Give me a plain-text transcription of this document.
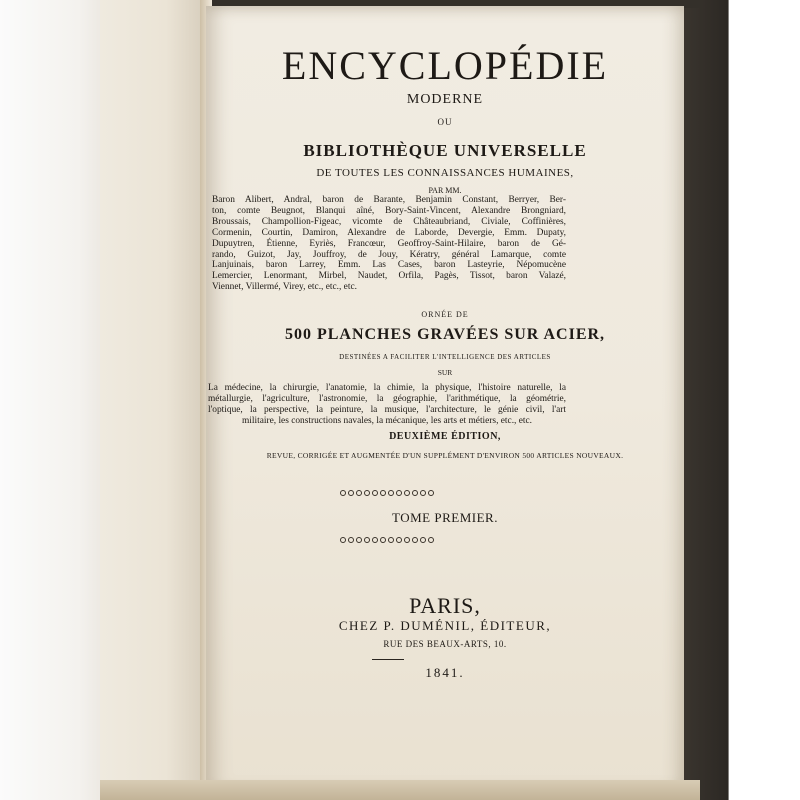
ENCYCLOPÉDIE
MODERNE
OU
BIBLIOTHÈQUE UNIVERSELLE
DE TOUTES LES CONNAISSANCES HUMAINES,
PAR MM.
Baron Alibert, Andral, baron de Barante, Benjamin Constant, Berryer, Ber-
ton, comte Beugnot, Blanqui aîné, Bory-Saint-Vincent, Alexandre Brongniard,
Broussais, Champollion-Figeac, vicomte de Châteaubriand, Civiale, Coffinières,
Cormenin, Courtin, Damiron, Alexandre de Laborde, Devergie, Emm. Dupaty,
Dupuytren, Étienne, Eyriès, Francœur, Geoffroy-Saint-Hilaire, baron de Gé-
rando, Guizot, Jay, Jouffroy, de Jouy, Kératry, général Lamarque, comte
Lanjuinais, baron Larrey, Emm. Las Cases, baron Lasteyrie, Népomucène
Lemercier, Lenormant, Mirbel, Naudet, Orfila, Pagès, Tissot, baron Valazé,
Viennet, Villermé, Virey, etc., etc., etc.
ORNÉE DE
500 PLANCHES GRAVÉES SUR ACIER,
DESTINÉES A FACILITER L'INTELLIGENCE DES ARTICLES
SUR
La médecine, la chirurgie, l'anatomie, la chimie, la physique, l'histoire naturelle, la
métallurgie, l'agriculture, l'astronomie, la géographie, l'arithmétique, la géométrie,
l'optique, la perspective, la peinture, la musique, l'architecture, le génie civil, l'art
militaire, les constructions navales, la mécanique, les arts et métiers, etc., etc.
DEUXIÈME ÉDITION,
REVUE, CORRIGÉE ET AUGMENTÉE D'UN SUPPLÉMENT D'ENVIRON 500 ARTICLES NOUVEAUX.
TOME PREMIER.
PARIS,
CHEZ P. DUMÉNIL, ÉDITEUR,
RUE DES BEAUX-ARTS, 10.
1841.
